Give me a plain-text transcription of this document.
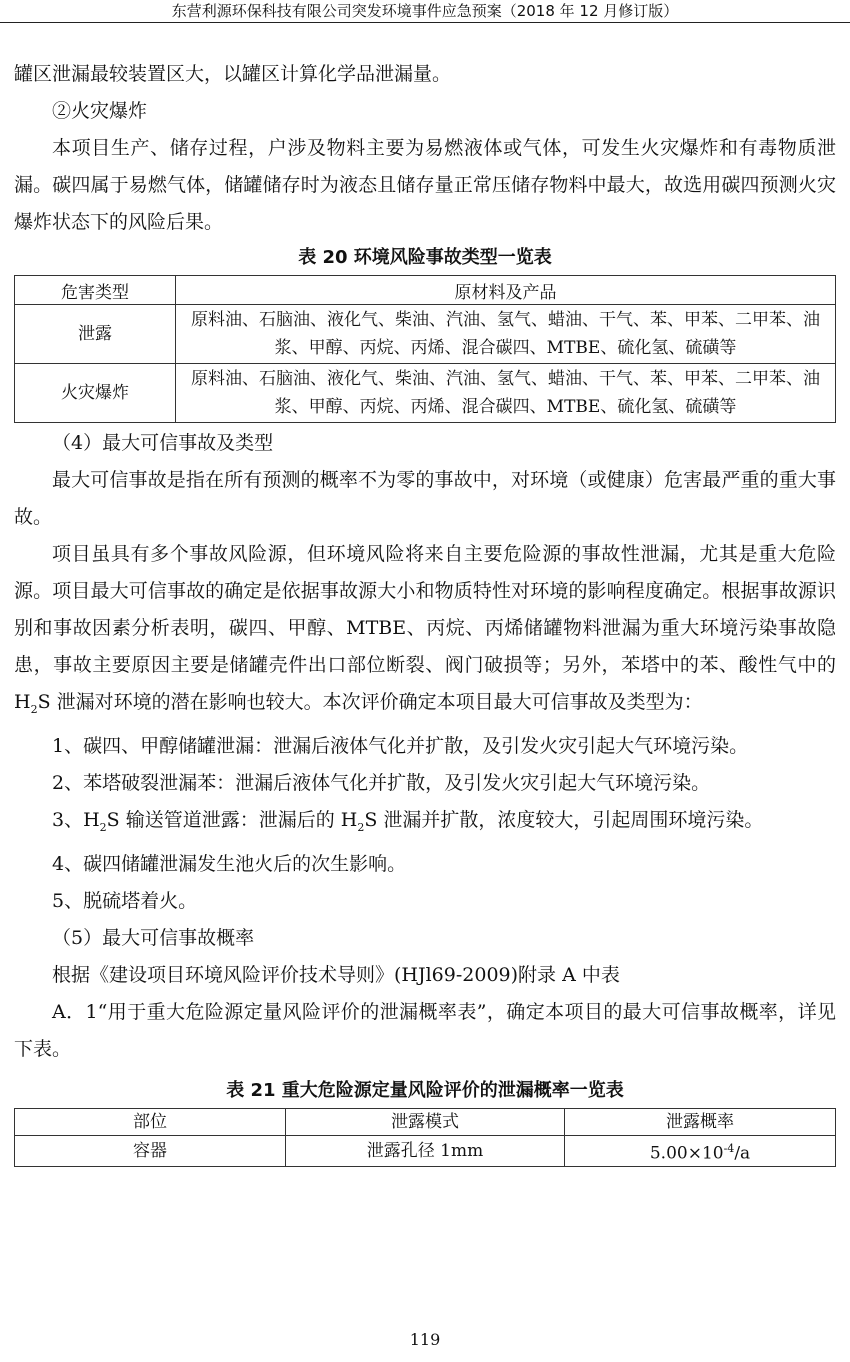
东营利源环保科技有限公司突发环境事件应急预案（2018 年 12 月修订版）

罐区泄漏最较装置区大，以罐区计算化学品泄漏量。

②火灾爆炸

本项目生产、储存过程，户涉及物料主要为易燃液体或气体，可发生火灾爆炸和有毒物质泄漏。碳四属于易燃气体，储罐储存时为液态且储存量正常压储存物料中最大，故选用碳四预测火灾爆炸状态下的风险后果。

表 20 环境风险事故类型一览表

危害类型	原材料及产品
泄露	原料油、石脑油、液化气、柴油、汽油、氢气、蜡油、干气、苯、甲苯、二甲苯、油浆、甲醇、丙烷、丙烯、混合碳四、MTBE、硫化氢、硫磺等
火灾爆炸	原料油、石脑油、液化气、柴油、汽油、氢气、蜡油、干气、苯、甲苯、二甲苯、油浆、甲醇、丙烷、丙烯、混合碳四、MTBE、硫化氢、硫磺等

（4）最大可信事故及类型

最大可信事故是指在所有预测的概率不为零的事故中，对环境（或健康）危害最严重的重大事故。

项目虽具有多个事故风险源，但环境风险将来自主要危险源的事故性泄漏，尤其是重大危险源。项目最大可信事故的确定是依据事故源大小和物质特性对环境的影响程度确定。根据事故源识别和事故因素分析表明，碳四、甲醇、MTBE、丙烷、丙烯储罐物料泄漏为重大环境污染事故隐患，事故主要原因主要是储罐壳件出口部位断裂、阀门破损等；另外，苯塔中的苯、酸性气中的 $H_2S$ 泄漏对环境的潜在影响也较大。本次评价确定本项目最大可信事故及类型为：

1、碳四、甲醇储罐泄漏：泄漏后液体气化并扩散，及引发火灾引起大气环境污染。

2、苯塔破裂泄漏苯：泄漏后液体气化并扩散，及引发火灾引起大气环境污染。

3、$H_2S$ 输送管道泄露：泄漏后的 $H_2S$ 泄漏并扩散，浓度较大，引起周围环境污染。

4、碳四储罐泄漏发生池火后的次生影响。

5、脱硫塔着火。

（5）最大可信事故概率

根据《建设项目环境风险评价技术导则》(HJl69-2009)附录 A 中表

A．1“用于重大危险源定量风险评价的泄漏概率表”，确定本项目的最大可信事故概率，详见下表。

表 21 重大危险源定量风险评价的泄漏概率一览表

部位	泄露模式	泄露概率
容器	泄露孔径 1mm	$5.00\times 10^{-4}/a$
119
